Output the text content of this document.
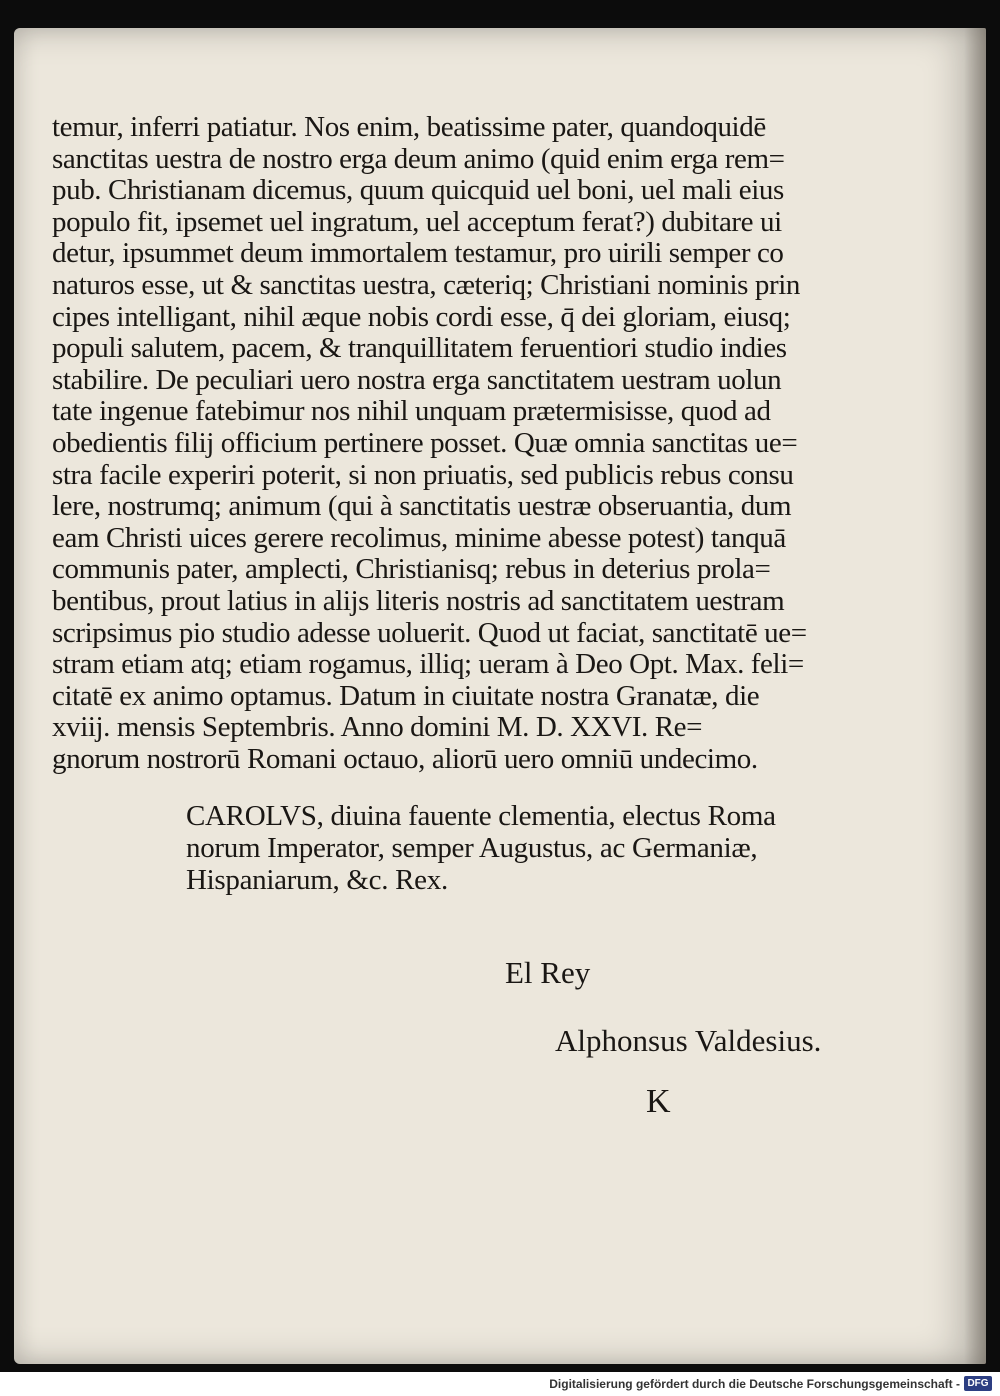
temur, inferri patiatur. Nos enim, beatissime pater, quandoquidē
sanctitas uestra de nostro erga deum animo (quid enim erga rem=
pub. Christianam dicemus, quum quicquid uel boni, uel mali eius
populo fit, ipsemet uel ingratum, uel acceptum ferat?) dubitare ui
detur, ipsummet deum immortalem testamur, pro uirili semper co
naturos esse, ut & sanctitas uestra, cæteriq; Christiani nominis prin
cipes intelligant, nihil æque nobis cordi esse, q̄ dei gloriam, eiusq;
populi salutem, pacem, & tranquillitatem feruentiori studio indies
stabilire. De peculiari uero nostra erga sanctitatem uestram uolun
tate ingenue fatebimur nos nihil unquam prætermisisse, quod ad
obedientis filij officium pertinere posset. Quæ omnia sanctitas ue=
stra facile experiri poterit, si non priuatis, sed publicis rebus consu
lere, nostrumq; animum (qui à sanctitatis uestræ obseruantia, dum
eam Christi uices gerere recolimus, minime abesse potest) tanquā
communis pater, amplecti, Christianisq; rebus in deterius prola=
bentibus, prout latius in alijs literis nostris ad sanctitatem uestram
scripsimus pio studio adesse uoluerit. Quod ut faciat, sanctitatē ue=
stram etiam atq; etiam rogamus, illiq; ueram à Deo Opt. Max. feli=
citatē ex animo optamus. Datum in ciuitate nostra Granatæ, die
xviij. mensis Septembris. Anno domini M. D. XXVI. Re=
gnorum nostrorū Romani octauo, aliorū uero omniū undecimo.
CAROLVS, diuina fauente clementia, electus Roma
norum Imperator, semper Augustus, ac Germaniæ,
Hispaniarum, &c. Rex.
El Rey
Alphonsus Valdesius.
K
Digitalisierung gefördert durch die Deutsche Forschungsgemeinschaft - DFG
